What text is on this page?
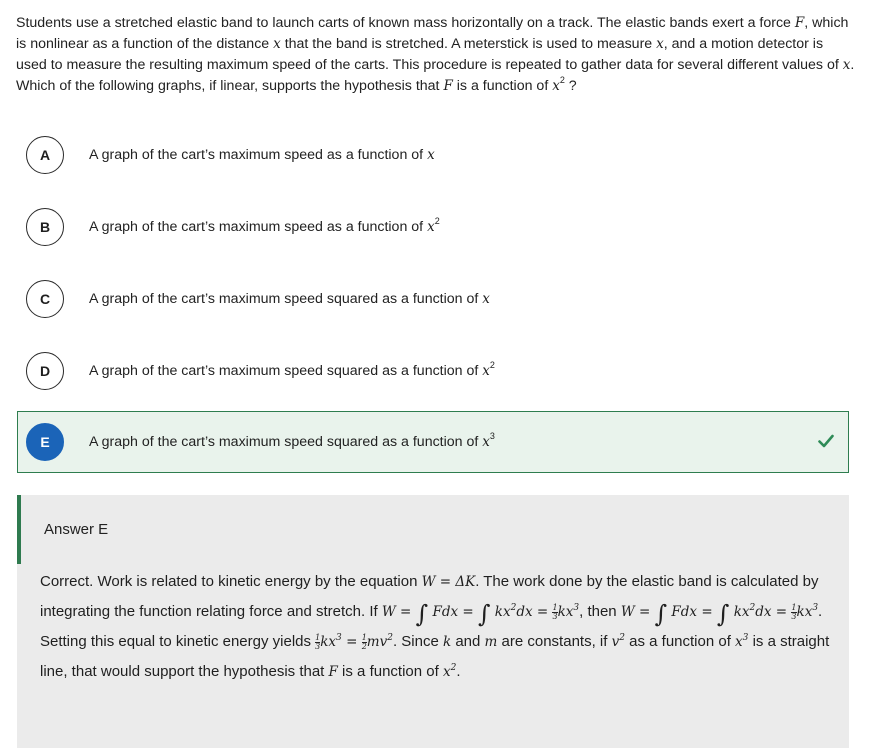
Students use a stretched elastic band to launch carts of known mass horizontally on a track. The elastic bands exert a force F, which is nonlinear as a function of the distance x that the band is stretched. A meterstick is used to measure x, and a motion detector is used to measure the resulting maximum speed of the carts. This procedure is repeated to gather data for several different values of x. Which of the following graphs, if linear, supports the hypothesis that F is a function of $x^2$ ?
A	A graph of the cart’s maximum speed as a function of x
B	A graph of the cart’s maximum speed as a function of $x^2$
C	A graph of the cart’s maximum speed squared as a function of x
D	A graph of the cart’s maximum speed squared as a function of $x^2$
E	A graph of the cart’s maximum speed squared as a function of $x^3$
Answer E
Correct. Work is related to kinetic energy by the equation W = ΔK. The work done by the elastic band is calculated by integrating the function relating force and stretch. If W = ∫ Fdx = ∫ $kx^2dx = \frac{1}{3} kx^3$, then W = ∫ Fdx = ∫ $kx^2dx = \frac{1}{3} kx^3$. Setting this equal to kinetic energy yields $\frac{1}{3} kx^3 = \frac{1}{2} mv^2$. Since k and m are constants, if $v^2$ as a function of $x^3$ is a straight line, that would support the hypothesis that F is a function of $x^2$.
